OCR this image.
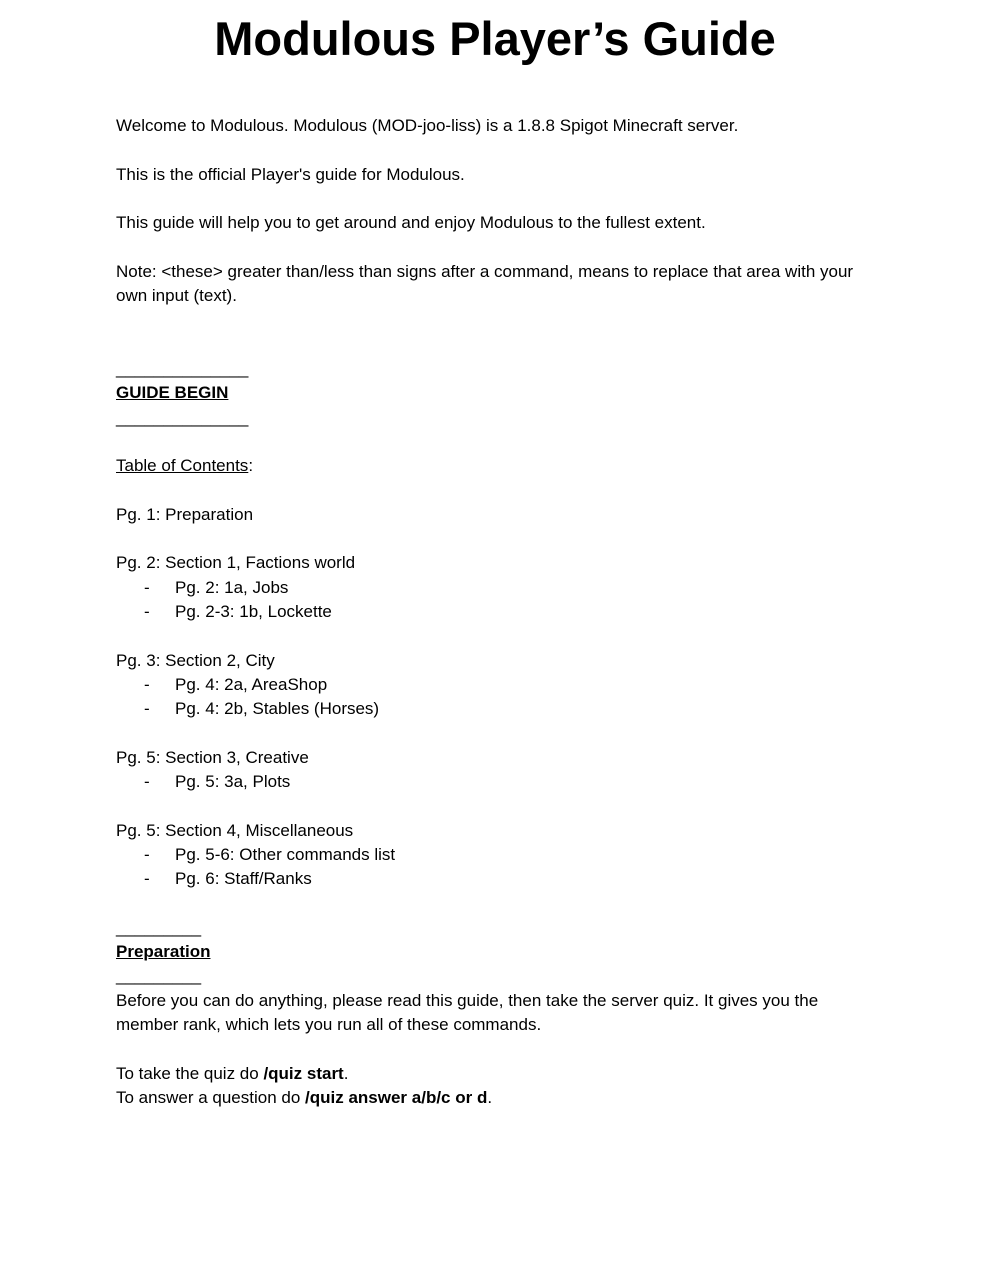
Modulous Player’s Guide

Welcome to Modulous. Modulous (MOD-joo-liss) is a 1.8.8 Spigot Minecraft server.

This is the official Player's guide for Modulous.

This guide will help you to get around and enjoy Modulous to the fullest extent.

Note: <these> greater than/less than signs after a command, means to replace that area with your own input (text).

______________

GUIDE BEGIN

______________

Table of Contents:

Pg. 1: Preparation

Pg. 2: Section 1, Factions world

- Pg. 2: 1a, Jobs

- Pg. 2-3: 1b, Lockette

Pg. 3: Section 2, City

- Pg. 4: 2a, AreaShop

- Pg. 4: 2b, Stables (Horses)

Pg. 5: Section 3, Creative

- Pg. 5: 3a, Plots

Pg. 5: Section 4, Miscellaneous

- Pg. 5-6: Other commands list

- Pg. 6: Staff/Ranks

_________

Preparation

_________

Before you can do anything, please read this guide, then take the server quiz. It gives you the member rank, which lets you run all of these commands.

To take the quiz do /quiz start.

To answer a question do /quiz answer a/b/c or d.
